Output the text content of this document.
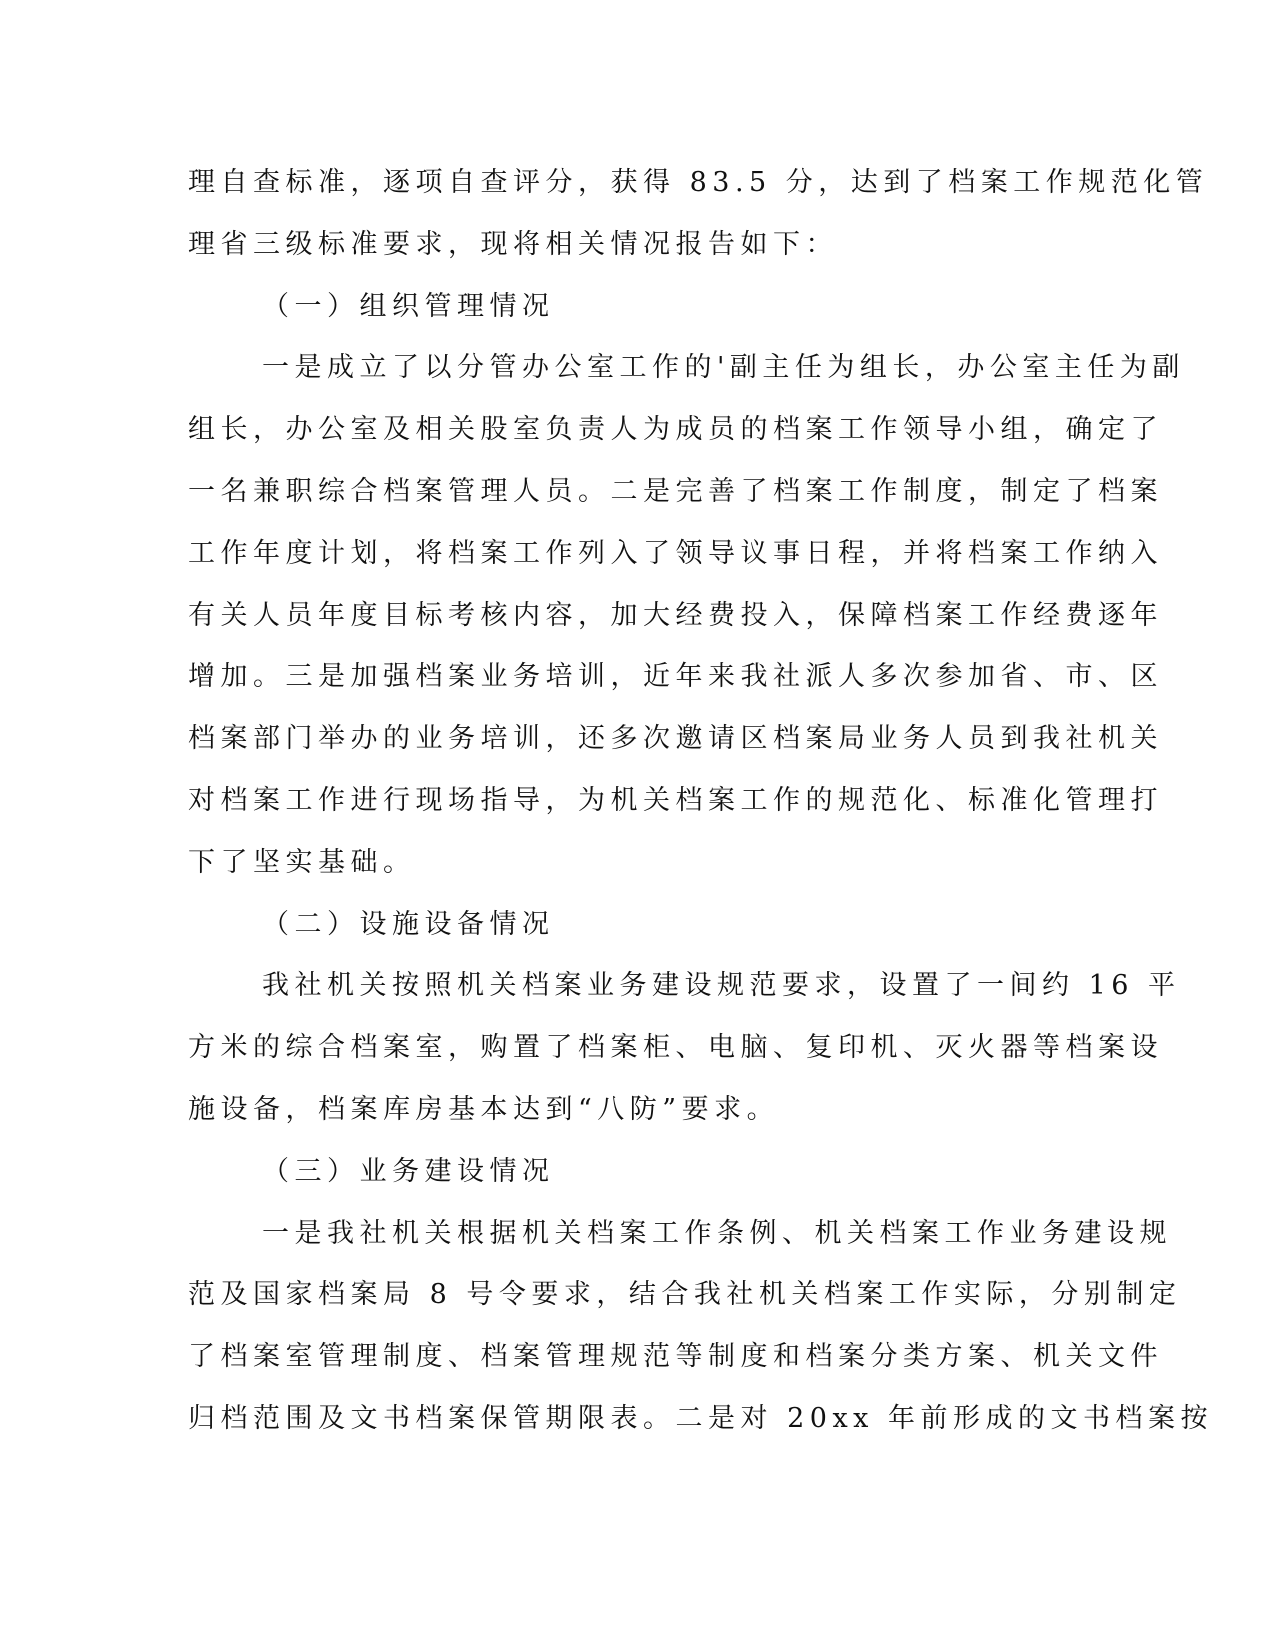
理自查标准，逐项自查评分，获得 83.5 分，达到了档案工作规范化管
理省三级标准要求，现将相关情况报告如下：
（一）组织管理情况
一是成立了以分管办公室工作的'副主任为组长，办公室主任为副
组长，办公室及相关股室负责人为成员的档案工作领导小组，确定了
一名兼职综合档案管理人员。二是完善了档案工作制度，制定了档案
工作年度计划，将档案工作列入了领导议事日程，并将档案工作纳入
有关人员年度目标考核内容，加大经费投入，保障档案工作经费逐年
增加。三是加强档案业务培训，近年来我社派人多次参加省、市、区
档案部门举办的业务培训，还多次邀请区档案局业务人员到我社机关
对档案工作进行现场指导，为机关档案工作的规范化、标准化管理打
下了坚实基础。
（二）设施设备情况
我社机关按照机关档案业务建设规范要求，设置了一间约 16 平
方米的综合档案室，购置了档案柜、电脑、复印机、灭火器等档案设
施设备，档案库房基本达到“八防”要求。
（三）业务建设情况
一是我社机关根据机关档案工作条例、机关档案工作业务建设规
范及国家档案局 8 号令要求，结合我社机关档案工作实际，分别制定
了档案室管理制度、档案管理规范等制度和档案分类方案、机关文件
归档范围及文书档案保管期限表。二是对 20xx 年前形成的文书档案按
